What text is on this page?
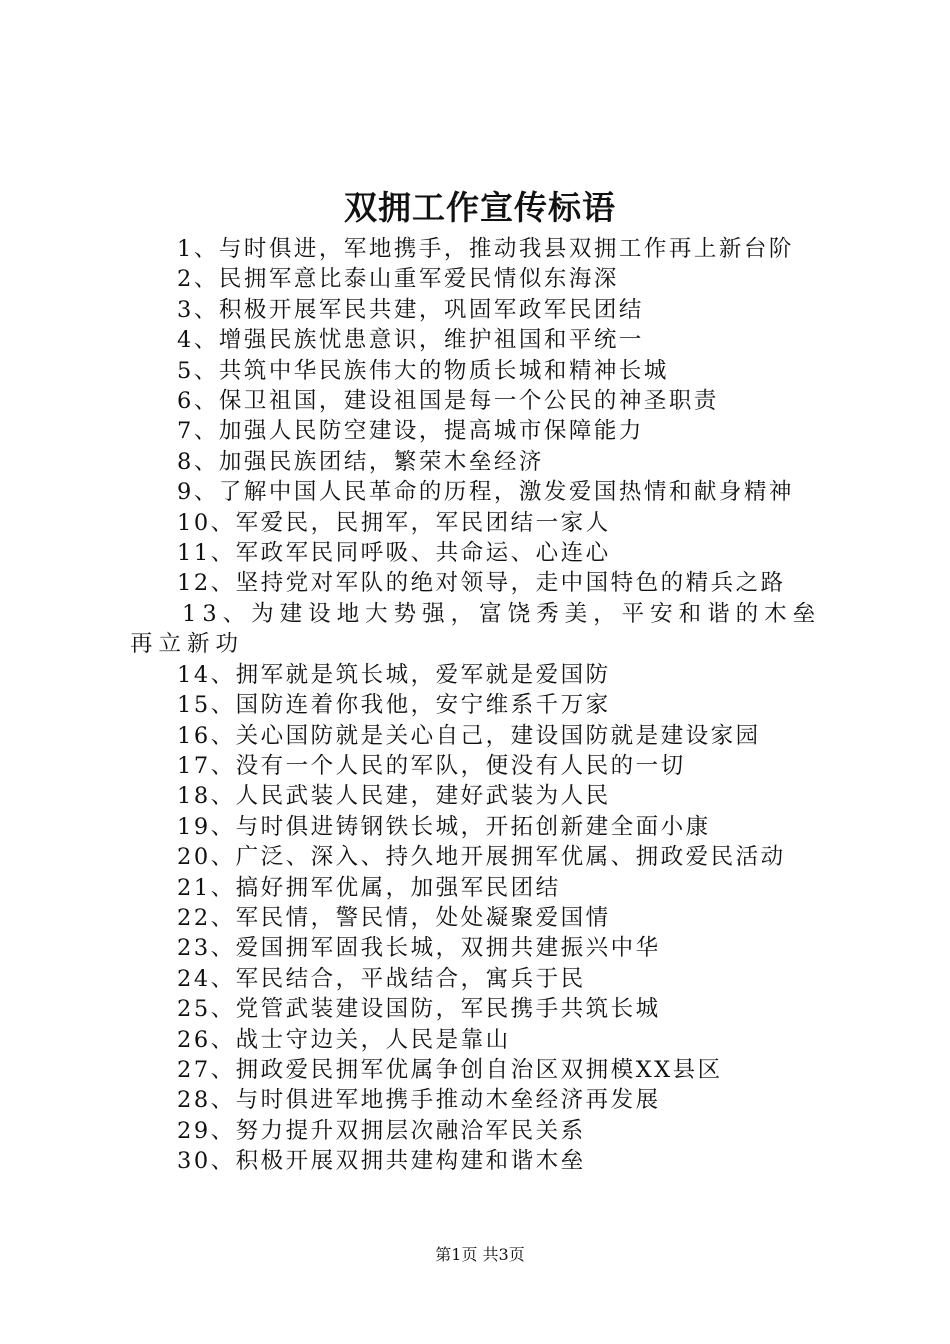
双拥工作宣传标语
1、与时俱进，军地携手，推动我县双拥工作再上新台阶
2、民拥军意比泰山重军爱民情似东海深
3、积极开展军民共建，巩固军政军民团结
4、增强民族忧患意识，维护祖国和平统一
5、共筑中华民族伟大的物质长城和精神长城
6、保卫祖国，建设祖国是每一个公民的神圣职责
7、加强人民防空建设，提高城市保障能力
8、加强民族团结，繁荣木垒经济
9、了解中国人民革命的历程，激发爱国热情和献身精神
10、军爱民，民拥军，军民团结一家人
11、军政军民同呼吸、共命运、心连心
12、坚持党对军队的绝对领导，走中国特色的精兵之路
13、为建设地大势强，富饶秀美，平安和谐的木垒再立新功
14、拥军就是筑长城，爱军就是爱国防
15、国防连着你我他，安宁维系千万家
16、关心国防就是关心自己，建设国防就是建设家园
17、没有一个人民的军队，便没有人民的一切
18、人民武装人民建，建好武装为人民
19、与时俱进铸钢铁长城，开拓创新建全面小康
20、广泛、深入、持久地开展拥军优属、拥政爱民活动
21、搞好拥军优属，加强军民团结
22、军民情，警民情，处处凝聚爱国情
23、爱国拥军固我长城，双拥共建振兴中华
24、军民结合，平战结合，寓兵于民
25、党管武装建设国防，军民携手共筑长城
26、战士守边关，人民是靠山
27、拥政爱民拥军优属争创自治区双拥模XX县区
28、与时俱进军地携手推动木垒经济再发展
29、努力提升双拥层次融洽军民关系
30、积极开展双拥共建构建和谐木垒
第1页 共3页
